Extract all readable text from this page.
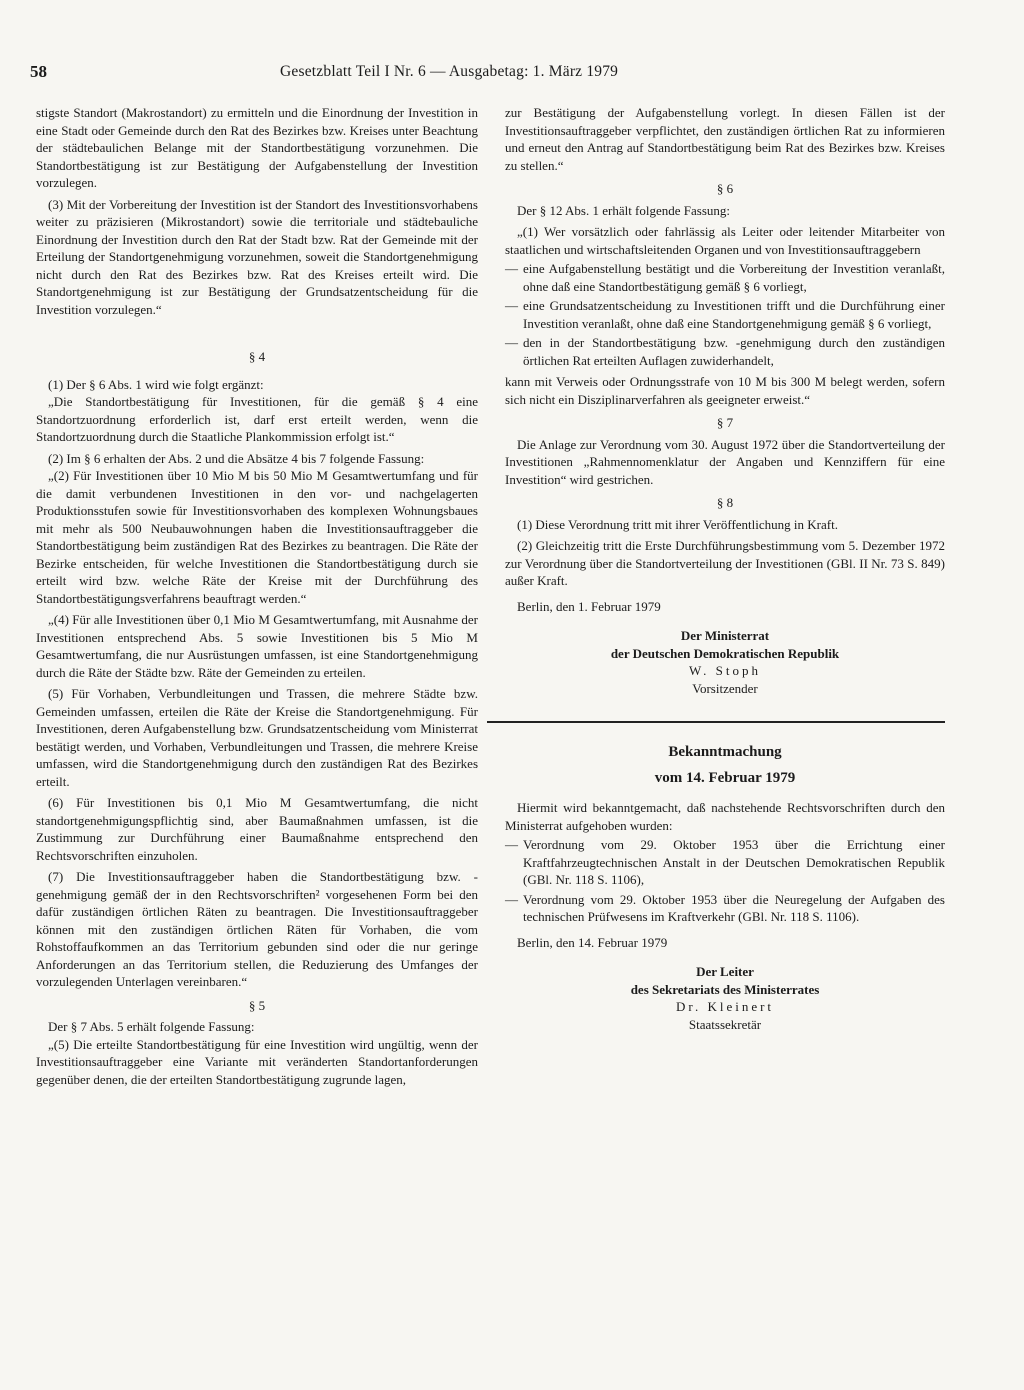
58	Gesetzblatt Teil I Nr. 6 — Ausgabetag: 1. März 1979

stigste Standort (Makrostandort) zu ermitteln und die Einordnung der Investition in eine Stadt oder Gemeinde durch den Rat des Bezirkes bzw. Kreises unter Beachtung der städtebaulichen Belange mit der Standortbestätigung vorzunehmen. Die Standortbestätigung ist zur Bestätigung der Aufgabenstellung der Investition vorzulegen.

(3) Mit der Vorbereitung der Investition ist der Standort des Investitionsvorhabens weiter zu präzisieren (Mikrostandort) sowie die territoriale und städtebauliche Einordnung der Investition durch den Rat der Stadt bzw. Rat der Gemeinde mit der Erteilung der Standortgenehmigung vorzunehmen, soweit die Standortgenehmigung nicht durch den Rat des Bezirkes bzw. Rat des Kreises erteilt wird. Die Standortgenehmigung ist zur Bestätigung der Grundsatzentscheidung für die Investition vorzulegen.“

§ 4

(1) Der § 6 Abs. 1 wird wie folgt ergänzt:

„Die Standortbestätigung für Investitionen, für die gemäß § 4 eine Standortzuordnung erforderlich ist, darf erst erteilt werden, wenn die Standortzuordnung durch die Staatliche Plankommission erfolgt ist.“

(2) Im § 6 erhalten der Abs. 2 und die Absätze 4 bis 7 folgende Fassung:

„(2) Für Investitionen über 10 Mio M bis 50 Mio M Gesamtwertumfang und für die damit verbundenen Investitionen in den vor- und nachgelagerten Produktionsstufen sowie für Investitionsvorhaben des komplexen Wohnungsbaues mit mehr als 500 Neubauwohnungen haben die Investitionsauftraggeber die Standortbestätigung beim zuständigen Rat des Bezirkes zu beantragen. Die Räte der Bezirke entscheiden, für welche Investitionen die Standortbestätigung durch sie erteilt wird bzw. welche Räte der Kreise mit der Durchführung des Standortbestätigungsverfahrens beauftragt werden.“

„(4) Für alle Investitionen über 0,1 Mio M Gesamtwertumfang, mit Ausnahme der Investitionen entsprechend Abs. 5 sowie Investitionen bis 5 Mio M Gesamtwertumfang, die nur Ausrüstungen umfassen, ist eine Standortgenehmigung durch die Räte der Städte bzw. Räte der Gemeinden zu erteilen.

(5) Für Vorhaben, Verbundleitungen und Trassen, die mehrere Städte bzw. Gemeinden umfassen, erteilen die Räte der Kreise die Standortgenehmigung. Für Investitionen, deren Aufgabenstellung bzw. Grundsatzentscheidung vom Ministerrat bestätigt werden, und Vorhaben, Verbundleitungen und Trassen, die mehrere Kreise umfassen, wird die Standortgenehmigung durch den zuständigen Rat des Bezirkes erteilt.

(6) Für Investitionen bis 0,1 Mio M Gesamtwertumfang, die nicht standortgenehmigungspflichtig sind, aber Baumaßnahmen umfassen, ist die Zustimmung zur Durchführung einer Baumaßnahme entsprechend den Rechtsvorschriften einzuholen.

(7) Die Investitionsauftraggeber haben die Standortbestätigung bzw. -genehmigung gemäß der in den Rechtsvorschriften² vorgesehenen Form bei den dafür zuständigen örtlichen Räten zu beantragen. Die Investitionsauftraggeber können mit den zuständigen örtlichen Räten für Vorhaben, die vom Rohstoffaufkommen an das Territorium gebunden sind oder die nur geringe Anforderungen an das Territorium stellen, die Reduzierung des Umfanges der vorzulegenden Unterlagen vereinbaren.“

§ 5

Der § 7 Abs. 5 erhält folgende Fassung:

„(5) Die erteilte Standortbestätigung für eine Investition wird ungültig, wenn der Investitionsauftraggeber eine Variante mit veränderten Standortanforderungen gegenüber denen, die der erteilten Standortbestätigung zugrunde lagen,

zur Bestätigung der Aufgabenstellung vorlegt. In diesen Fällen ist der Investitionsauftraggeber verpflichtet, den zuständigen örtlichen Rat zu informieren und erneut den Antrag auf Standortbestätigung beim Rat des Bezirkes bzw. Kreises zu stellen.“

§ 6

Der § 12 Abs. 1 erhält folgende Fassung:

„(1) Wer vorsätzlich oder fahrlässig als Leiter oder leitender Mitarbeiter von staatlichen und wirtschaftsleitenden Organen und von Investitionsauftraggebern

— eine Aufgabenstellung bestätigt und die Vorbereitung der Investition veranlaßt, ohne daß eine Standortbestätigung gemäß § 6 vorliegt,
— eine Grundsatzentscheidung zu Investitionen trifft und die Durchführung einer Investition veranlaßt, ohne daß eine Standortgenehmigung gemäß § 6 vorliegt,
— den in der Standortbestätigung bzw. -genehmigung durch den zuständigen örtlichen Rat erteilten Auflagen zuwiderhandelt,

kann mit Verweis oder Ordnungsstrafe von 10 M bis 300 M belegt werden, sofern sich nicht ein Disziplinarverfahren als geeigneter erweist.“

§ 7

Die Anlage zur Verordnung vom 30. August 1972 über die Standortverteilung der Investitionen „Rahmennomenklatur der Angaben und Kennziffern für eine Investition“ wird gestrichen.

§ 8

(1) Diese Verordnung tritt mit ihrer Veröffentlichung in Kraft.

(2) Gleichzeitig tritt die Erste Durchführungsbestimmung vom 5. Dezember 1972 zur Verordnung über die Standortverteilung der Investitionen (GBl. II Nr. 73 S. 849) außer Kraft.

Berlin, den 1. Februar 1979

Der Ministerrat
der Deutschen Demokratischen Republik
W. Stoph
Vorsitzender
Bekanntmachung
vom 14. Februar 1979

Hiermit wird bekanntgemacht, daß nachstehende Rechtsvorschriften durch den Ministerrat aufgehoben wurden:

— Verordnung vom 29. Oktober 1953 über die Errichtung einer Kraftfahrzeugtechnischen Anstalt in der Deutschen Demokratischen Republik (GBl. Nr. 118 S. 1106),
— Verordnung vom 29. Oktober 1953 über die Neuregelung der Aufgaben des technischen Prüfwesens im Kraftverkehr (GBl. Nr. 118 S. 1106).

Berlin, den 14. Februar 1979

Der Leiter
des Sekretariats des Ministerrates
Dr. Kleinert
Staatssekretär
